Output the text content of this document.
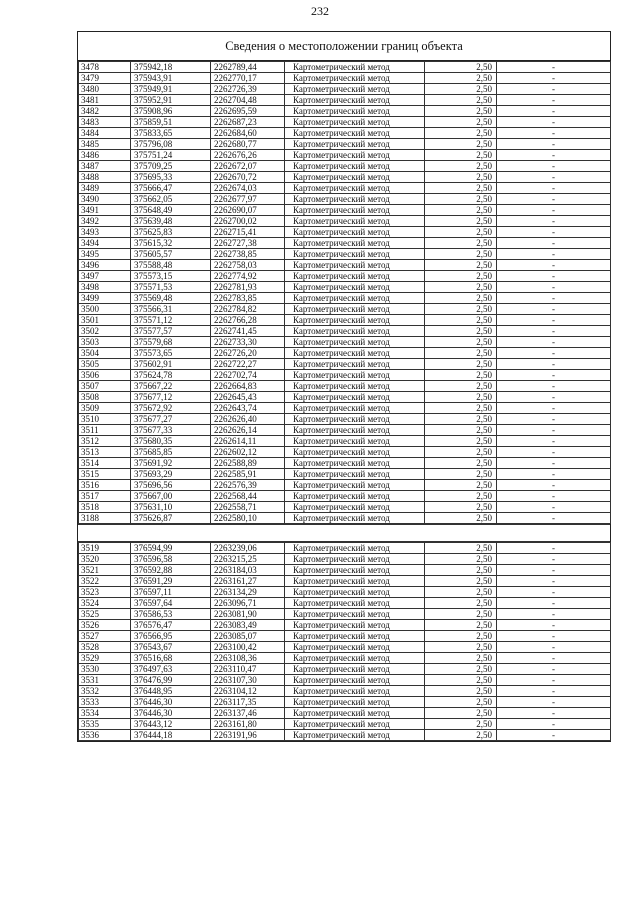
232
Сведения о местоположении границ объекта
3478	375942,18	2262789,44	Картометрический метод	2,50	-
3479	375943,91	2262770,17	Картометрический метод	2,50	-
3480	375949,91	2262726,39	Картометрический метод	2,50	-
3481	375952,91	2262704,48	Картометрический метод	2,50	-
3482	375908,96	2262695,59	Картометрический метод	2,50	-
3483	375859,51	2262687,23	Картометрический метод	2,50	-
3484	375833,65	2262684,60	Картометрический метод	2,50	-
3485	375796,08	2262680,77	Картометрический метод	2,50	-
3486	375751,24	2262676,26	Картометрический метод	2,50	-
3487	375709,25	2262672,07	Картометрический метод	2,50	-
3488	375695,33	2262670,72	Картометрический метод	2,50	-
3489	375666,47	2262674,03	Картометрический метод	2,50	-
3490	375662,05	2262677,97	Картометрический метод	2,50	-
3491	375648,49	2262690,07	Картометрический метод	2,50	-
3492	375639,48	2262700,02	Картометрический метод	2,50	-
3493	375625,83	2262715,41	Картометрический метод	2,50	-
3494	375615,32	2262727,38	Картометрический метод	2,50	-
3495	375605,57	2262738,85	Картометрический метод	2,50	-
3496	375588,48	2262758,03	Картометрический метод	2,50	-
3497	375573,15	2262774,92	Картометрический метод	2,50	-
3498	375571,53	2262781,93	Картометрический метод	2,50	-
3499	375569,48	2262783,85	Картометрический метод	2,50	-
3500	375566,31	2262784,82	Картометрический метод	2,50	-
3501	375571,12	2262766,28	Картометрический метод	2,50	-
3502	375577,57	2262741,45	Картометрический метод	2,50	-
3503	375579,68	2262733,30	Картометрический метод	2,50	-
3504	375573,65	2262726,20	Картометрический метод	2,50	-
3505	375602,91	2262722,27	Картометрический метод	2,50	-
3506	375624,78	2262702,74	Картометрический метод	2,50	-
3507	375667,22	2262664,83	Картометрический метод	2,50	-
3508	375677,12	2262645,43	Картометрический метод	2,50	-
3509	375672,92	2262643,74	Картометрический метод	2,50	-
3510	375677,27	2262626,40	Картометрический метод	2,50	-
3511	375677,33	2262626,14	Картометрический метод	2,50	-
3512	375680,35	2262614,11	Картометрический метод	2,50	-
3513	375685,85	2262602,12	Картометрический метод	2,50	-
3514	375691,92	2262588,89	Картометрический метод	2,50	-
3515	375693,29	2262585,91	Картометрический метод	2,50	-
3516	375696,56	2262576,39	Картометрический метод	2,50	-
3517	375667,00	2262568,44	Картометрический метод	2,50	-
3518	375631,10	2262558,71	Картометрический метод	2,50	-
3188	375626,87	2262580,10	Картометрический метод	2,50	-
3519	376594,99	2263239,06	Картометрический метод	2,50	-
3520	376596,58	2263215,25	Картометрический метод	2,50	-
3521	376592,88	2263184,03	Картометрический метод	2,50	-
3522	376591,29	2263161,27	Картометрический метод	2,50	-
3523	376597,11	2263134,29	Картометрический метод	2,50	-
3524	376597,64	2263096,71	Картометрический метод	2,50	-
3525	376586,53	2263081,90	Картометрический метод	2,50	-
3526	376576,47	2263083,49	Картометрический метод	2,50	-
3527	376566,95	2263085,07	Картометрический метод	2,50	-
3528	376543,67	2263100,42	Картометрический метод	2,50	-
3529	376516,68	2263108,36	Картометрический метод	2,50	-
3530	376497,63	2263110,47	Картометрический метод	2,50	-
3531	376476,99	2263107,30	Картометрический метод	2,50	-
3532	376448,95	2263104,12	Картометрический метод	2,50	-
3533	376446,30	2263117,35	Картометрический метод	2,50	-
3534	376446,30	2263137,46	Картометрический метод	2,50	-
3535	376443,12	2263161,80	Картометрический метод	2,50	-
3536	376444,18	2263191,96	Картометрический метод	2,50	-
